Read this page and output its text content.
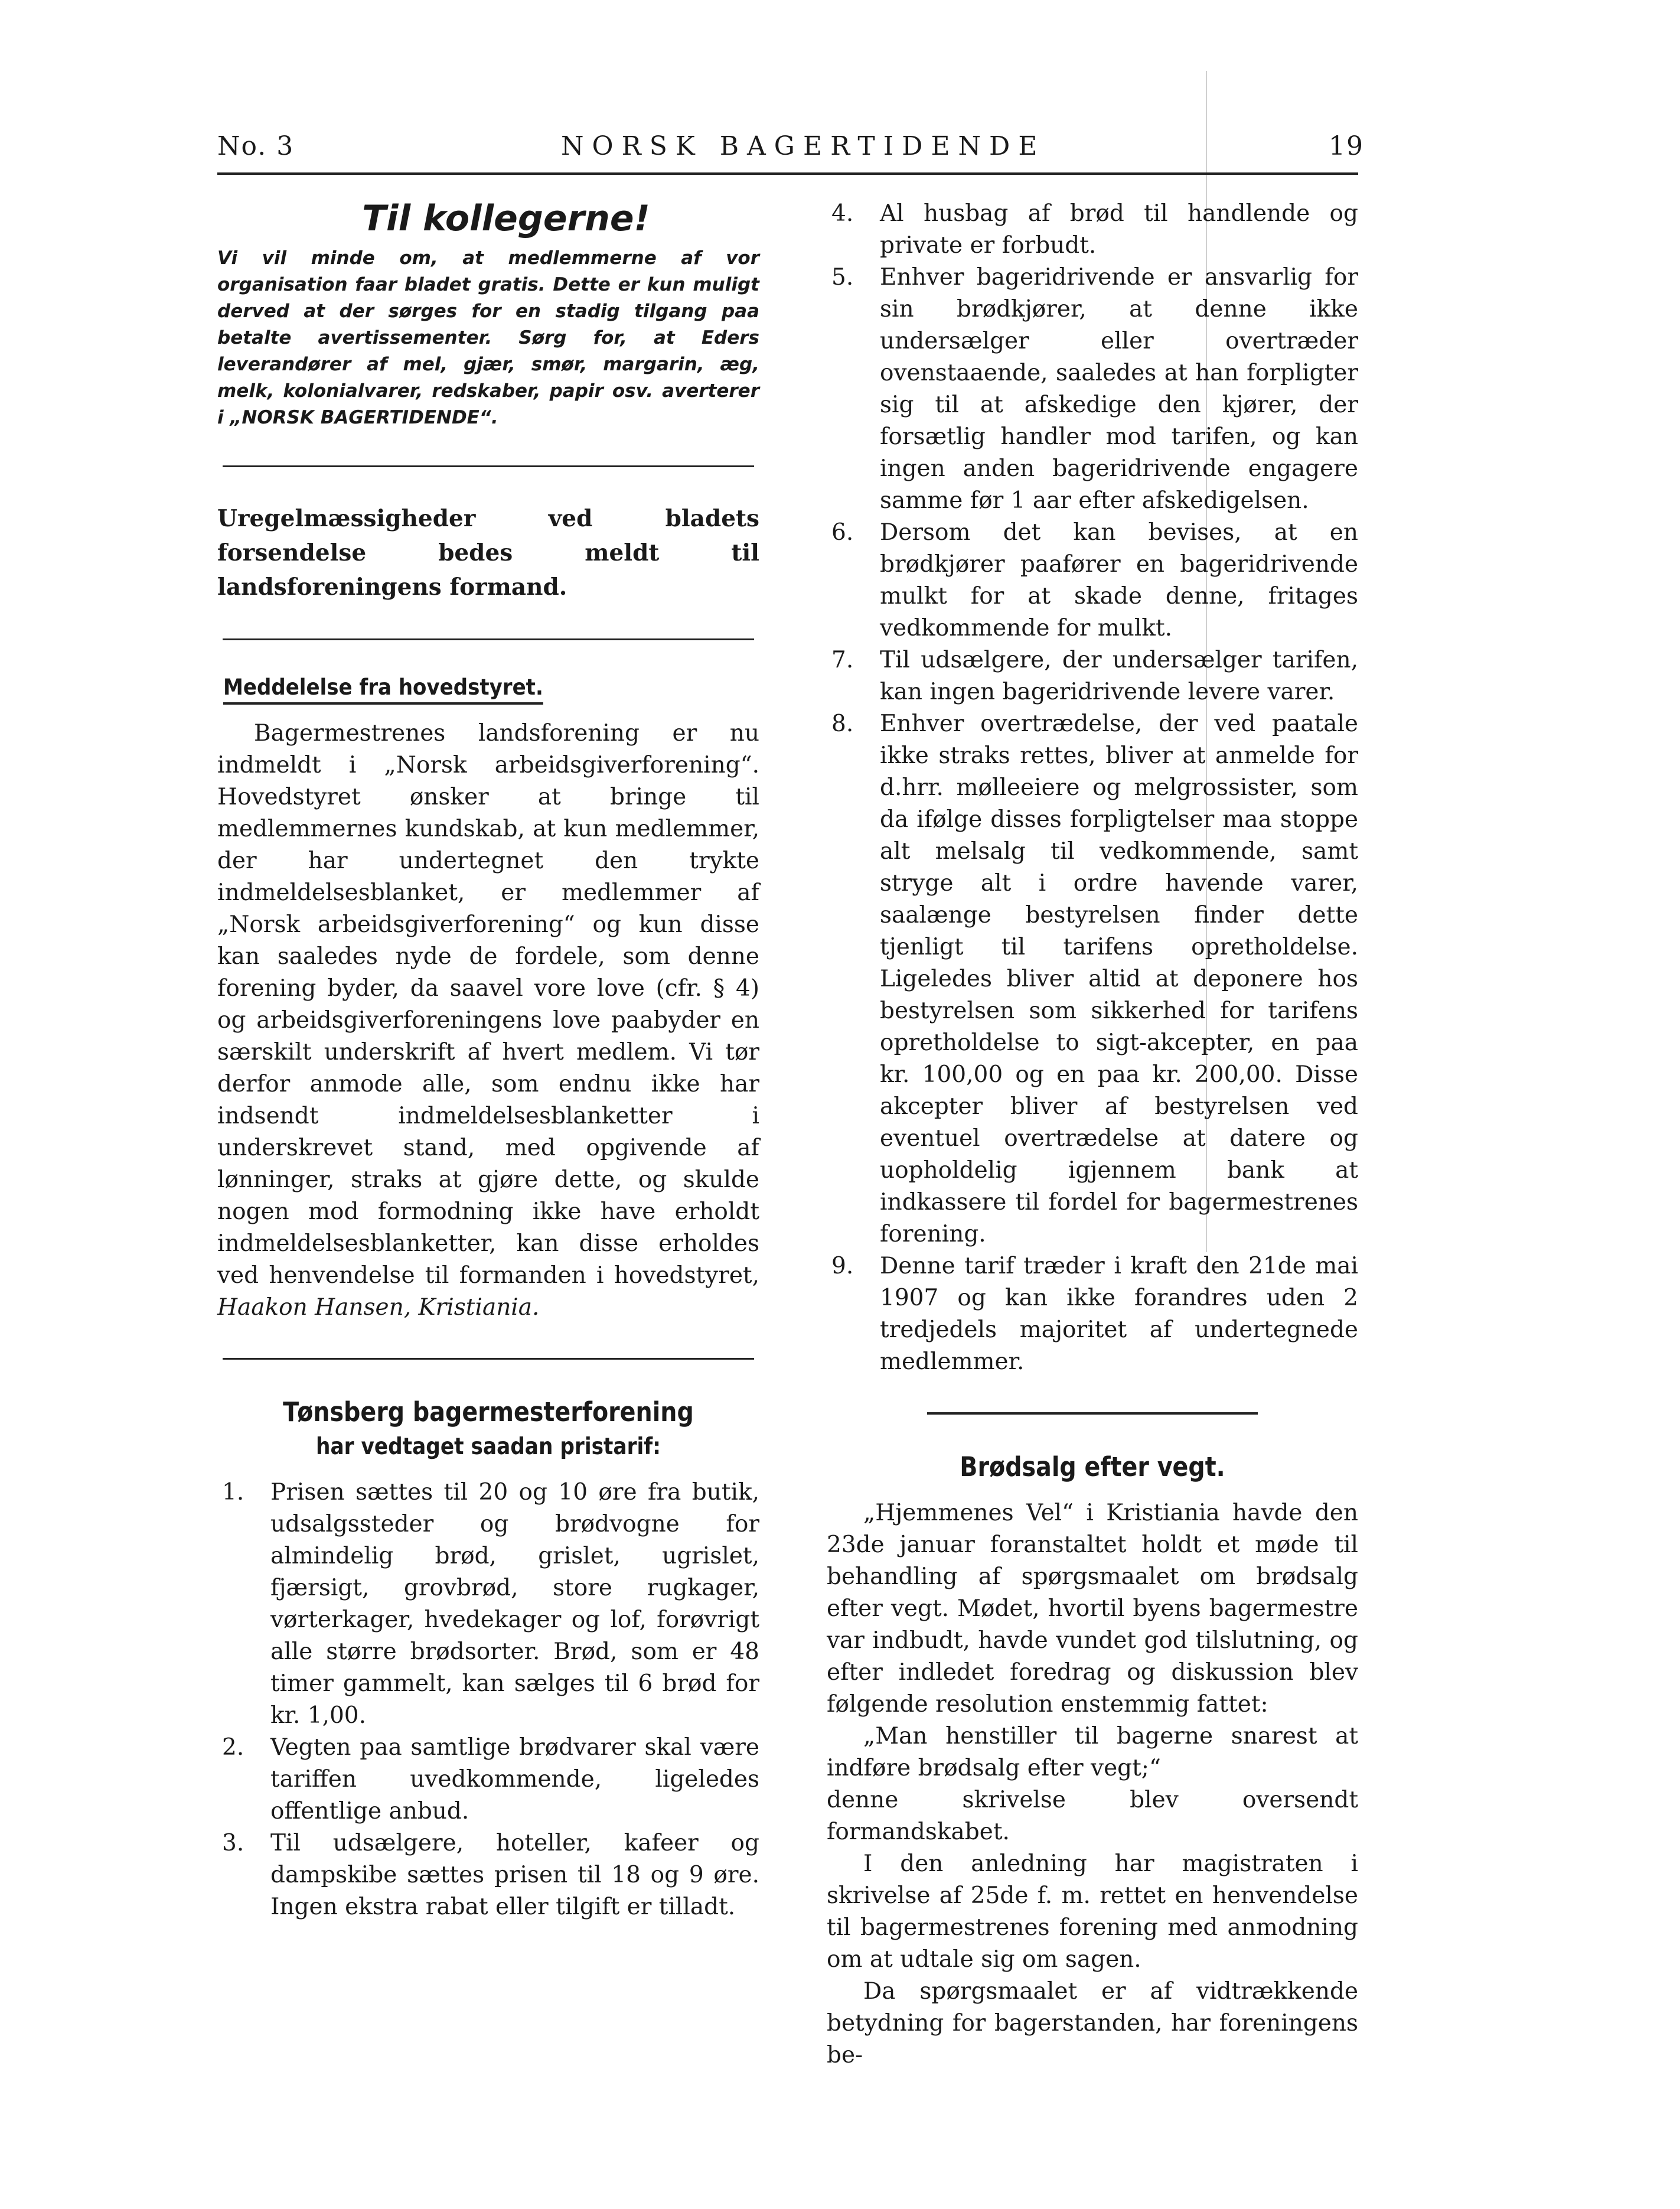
No. 3	NORSK BAGERTIDENDE	19

Til kollegerne!

Vi vil minde om, at medlemmerne af vor organisation faar bladet gratis. Dette er kun muligt derved at der sørges for en stadig tilgang paa betalte avertissementer. Sørg for, at Eders leverandører af mel, gjær, smør, margarin, æg, melk, kolonialvarer, redskaber, papir osv. averterer i „NORSK BAGERTIDENDE“.

Uregelmæssigheder ved bladets forsendelse bedes meldt til landsforeningens formand.

Meddelelse fra hovedstyret.

Bagermestrenes landsforening er nu indmeldt i „Norsk arbeidsgiverforening“. Hovedstyret ønsker at bringe til medlemmernes kundskab, at kun medlemmer, der har undertegnet den trykte indmeldelsesblanket, er medlemmer af „Norsk arbeidsgiverforening“ og kun disse kan saaledes nyde de fordele, som denne forening byder, da saavel vore love (cfr. § 4) og arbeidsgiverforeningens love paabyder en særskilt underskrift af hvert medlem. Vi tør derfor anmode alle, som endnu ikke har indsendt indmeldelsesblanketter i underskrevet stand, med opgivende af lønninger, straks at gjøre dette, og skulde nogen mod formodning ikke have erholdt indmeldelsesblanketter, kan disse erholdes ved henvendelse til formanden i hovedstyret, Haakon Hansen, Kristiania.

Tønsberg bagermesterforening

har vedtaget saadan pristarif:

1. Prisen sættes til 20 og 10 øre fra butik, udsalgssteder og brødvogne for almindelig brød, grislet, ugrislet, fjærsigt, grovbrød, store rugkager, vørterkager, hvedekager og lof, forøvrigt alle større brødsorter. Brød, som er 48 timer gammelt, kan sælges til 6 brød for kr. 1,00.

2. Vegten paa samtlige brødvarer skal være tariffen uvedkommende, ligeledes offentlige anbud.

3. Til udsælgere, hoteller, kafeer og dampskibe sættes prisen til 18 og 9 øre. Ingen ekstra rabat eller tilgift er tilladt.

4. Al husbag af brød til handlende og private er forbudt.

5. Enhver bageridrivende er ansvarlig for sin brødkjører, at denne ikke undersælger eller overtræder ovenstaaende, saaledes at han forpligter sig til at afskedige den kjører, der forsætlig handler mod tarifen, og kan ingen anden bageridrivende engagere samme før 1 aar efter afskedigelsen.

6. Dersom det kan bevises, at en brødkjører paafører en bageridrivende mulkt for at skade denne, fritages vedkommende for mulkt.

7. Til udsælgere, der undersælger tarifen, kan ingen bageridrivende levere varer.

8. Enhver overtrædelse, der ved paatale ikke straks rettes, bliver at anmelde for d.hrr. mølleeiere og melgrossister, som da ifølge disses forpligtelser maa stoppe alt melsalg til vedkommende, samt stryge alt i ordre havende varer, saalænge bestyrelsen finder dette tjenligt til tarifens opretholdelse. Ligeledes bliver altid at deponere hos bestyrelsen som sikkerhed for tarifens opretholdelse to sigt-akcepter, en paa kr. 100,00 og en paa kr. 200,00. Disse akcepter bliver af bestyrelsen ved eventuel overtrædelse at datere og uopholdelig igjennem bank at indkassere til fordel for bagermestrenes forening.

9. Denne tarif træder i kraft den 21de mai 1907 og kan ikke forandres uden 2 tredjedels majoritet af undertegnede medlemmer.

Brødsalg efter vegt.

„Hjemmenes Vel“ i Kristiania havde den 23de januar foranstaltet holdt et møde til behandling af spørgsmaalet om brødsalg efter vegt. Mødet, hvortil byens bagermestre var indbudt, havde vundet god tilslutning, og efter indledet foredrag og diskussion blev følgende resolution enstemmig fattet:

„Man henstiller til bagerne snarest at indføre brødsalg efter vegt;“

denne skrivelse blev oversendt formandskabet.

I den anledning har magistraten i skrivelse af 25de f. m. rettet en henvendelse til bagermestrenes forening med anmodning om at udtale sig om sagen.

Da spørgsmaalet er af vidtrækkende betydning for bagerstanden, har foreningens be-
